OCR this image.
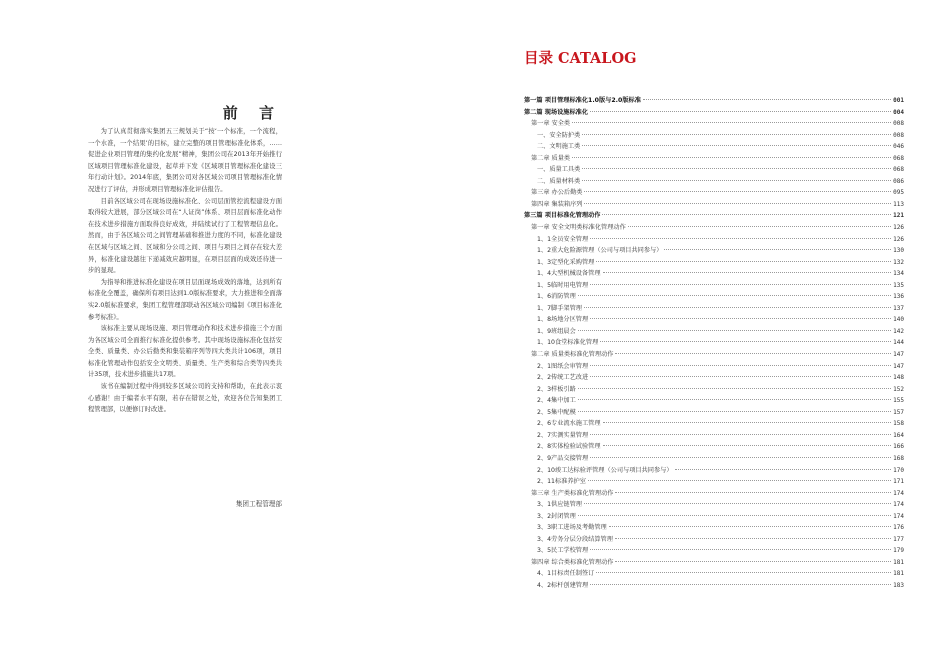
前 言

为了认真贯彻落实集团五三规划关于“按‘一个标准，一个流程，一个水准，一个结果’的目标，建立完整的项目管理标准化体系，……促进企业项目管理的集约化发展”精神，集团公司在2013年开始推行区域项目管理标准化建设，起草并下发《区域项目管理标准化建设三年行动计划》。2014年底，集团公司对各区域公司项目管理标准化情况进行了评估，并形成项目管理标准化评估报告。

目前各区域公司在现场设施标准化、公司层面管控流程建设方面取得较大进展，部分区域公司在“人证岗”体系、项目层面标准化动作在技术进步措施方面取得良好成效，并陆续试行了工程管理信息化。然而，由于各区域公司之间管理基础和推进力度的不同，标准化建设在区域与区域之间、区域和分公司之间、项目与项目之间存在较大差异，标准化建设越往下递减效应越明显，在项目层面的成效还待进一步的显现。

为指导和推进标准化建设在项目层面现场成效的落地，达到所有标准化全覆盖，确保所有项目达到1.0版标准要求，大力推进和全面落实2.0版标准要求，集团工程管理部联动各区域公司编制《项目标准化参考标准》。

该标准主要从现场设施、项目管理动作和技术进步措施三个方面为各区域公司全面推行标准化提供参考。其中现场设施标准化包括安全类、质量类、办公后勤类和集装箱序列等四大类共计106项，项目标准化管理动作包括安全文明类、质量类、生产类和综合类等四类共计35项，技术进步措施共17项。

该书在编制过程中得到较多区域公司的支持和帮助，在此表示衷心感谢！由于编者水平有限，若存在错误之处，欢迎各位告知集团工程管理部，以便修订时改进。

集团工程管理部
目录 CATALOG
第一篇 项目管理标准化1.0版与2.0版标准	001
第二篇 现场设施标准化	004
第一章 安全类	008
一、安全防护类	008
二、文明施工类	046
第二章 质量类	068
一、质量工具类	068
二、质量材料类	086
第三章 办公后勤类	095
第四章 集装箱序列	113
第三篇 项目标准化管理动作	121
第一章 安全文明类标准化管理动作	126
1、1全员安全管理	126
1、2重大危险源管理（公司与项目共同参与）	130
1、3定型化采购管理	132
1、4大型机械设备管理	134
1、5临时用电管理	135
1、6消防管理	136
1、7脚手架管理	137
1、8场地分区管理	140
1、9班组晨会	142
1、10食堂标准化管理	144
第二章 质量类标准化管理动作	147
2、1图纸会审管理	147
2、2传统工艺改进	148
2、3样板引路	152
2、4集中加工	155
2、5集中配模	157
2、6专业流水施工管理	158
2、7实测实量管理	164
2、8实体检验试验管理	166
2、9产品交接管理	168
2、10竣工达标验评管理（公司与项目共同参与）	170
2、11标准养护室	171
第三章 生产类标准化管理动作	174
3、1供应链管理	174
3、2封闭管理	174
3、3职工进场及考勤管理	176
3、4劳务分层分段结算管理	177
3、5民工学校管理	179
第四章 综合类标准化管理动作	181
4、1目标责任制签订	181
4、2标杆创建管理	183
